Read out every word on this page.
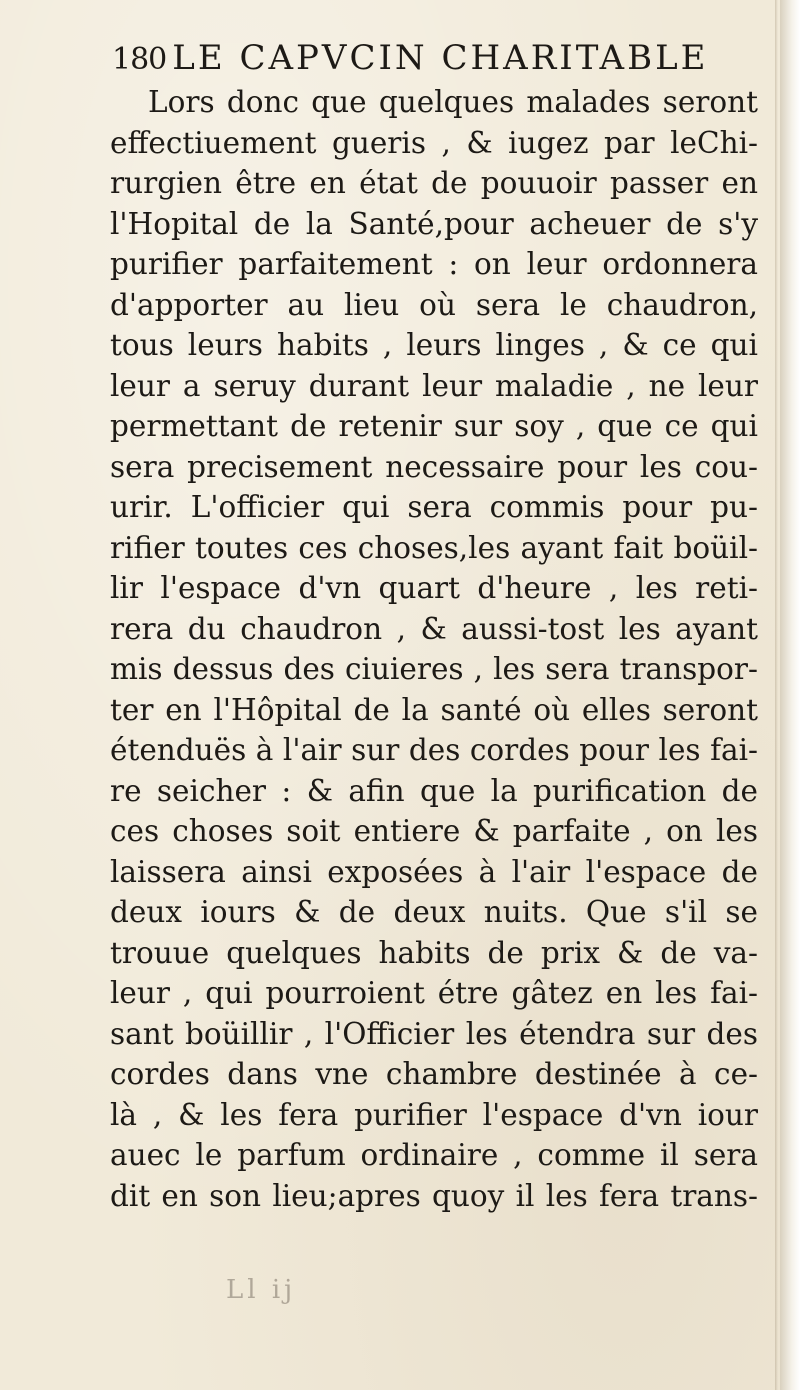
180 LE CAPVCIN CHARITABLE
Lors donc que quelques malades seront
effectiuement gueris , & iugez par leChi-
rurgien être en état de pouuoir passer en
l'Hopital de la Santé,pour acheuer de s'y
purifier parfaitement : on leur ordonnera
d'apporter au lieu où sera le chaudron,
tous leurs habits , leurs linges , & ce qui
leur a seruy durant leur maladie , ne leur
permettant de retenir sur soy , que ce qui
sera precisement necessaire pour les cou-
urir. L'officier qui sera commis pour pu-
rifier toutes ces choses,les ayant fait boüil-
lir l'espace d'vn quart d'heure , les reti-
rera du chaudron , & aussi-tost les ayant
mis dessus des ciuieres , les sera transpor-
ter en l'Hôpital de la santé où elles seront
étenduës à l'air sur des cordes pour les fai-
re seicher : & afin que la purification de
ces choses soit entiere & parfaite , on les
laissera ainsi exposées à l'air l'espace de
deux iours & de deux nuits. Que s'il se
trouue quelques habits de prix & de va-
leur , qui pourroient étre gâtez en les fai-
sant boüillir , l'Officier les étendra sur des
cordes dans vne chambre destinée à ce-
là , & les fera purifier l'espace d'vn iour
auec le parfum ordinaire , comme il sera
dit en son lieu;apres quoy il les fera trans-
Ll ij
